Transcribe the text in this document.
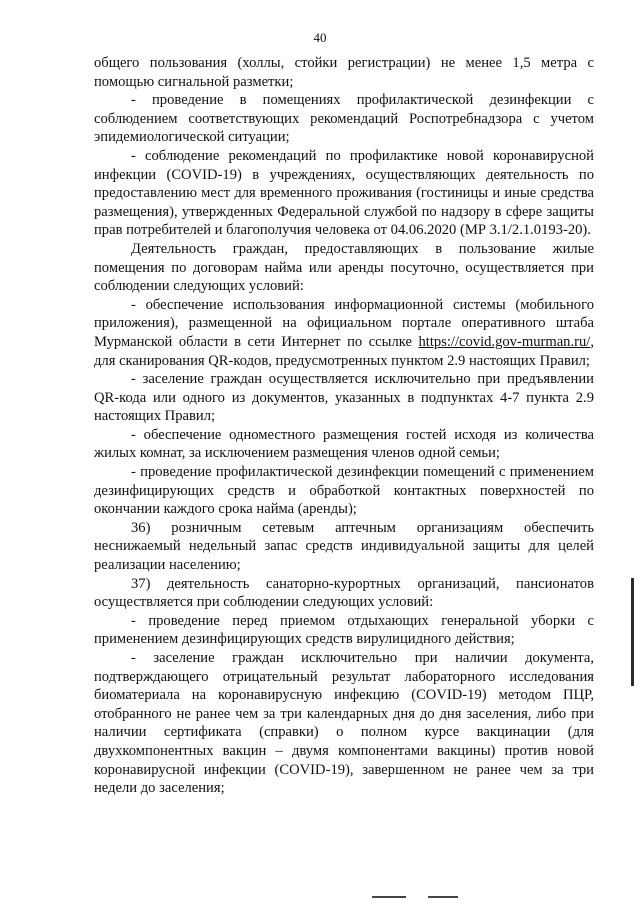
40

общего пользования (холлы, стойки регистрации) не менее 1,5 метра с помощью сигнальной разметки;

- проведение в помещениях профилактической дезинфекции с соблюдением соответствующих рекомендаций Роспотребнадзора с учетом эпидемиологической ситуации;

- соблюдение рекомендаций по профилактике новой коронавирусной инфекции (COVID-19) в учреждениях, осуществляющих деятельность по предоставлению мест для временного проживания (гостиницы и иные средства размещения), утвержденных Федеральной службой по надзору в сфере защиты прав потребителей и благополучия человека от 04.06.2020 (МР 3.1/2.1.0193-20).

Деятельность граждан, предоставляющих в пользование жилые помещения по договорам найма или аренды посуточно, осуществляется при соблюдении следующих условий:

- обеспечение использования информационной системы (мобильного приложения), размещенной на официальном портале оперативного штаба Мурманской области в сети Интернет по ссылке https://covid.gov-murman.ru/, для сканирования QR-кодов, предусмотренных пунктом 2.9 настоящих Правил;

- заселение граждан осуществляется исключительно при предъявлении QR-кода или одного из документов, указанных в подпунктах 4-7 пункта 2.9 настоящих Правил;

- обеспечение одноместного размещения гостей исходя из количества жилых комнат, за исключением размещения членов одной семьи;

- проведение профилактической дезинфекции помещений с применением дезинфицирующих средств и обработкой контактных поверхностей по окончании каждого срока найма (аренды);

36) розничным сетевым аптечным организациям обеспечить неснижаемый недельный запас средств индивидуальной защиты для целей реализации населению;

37) деятельность санаторно-курортных организаций, пансионатов осуществляется при соблюдении следующих условий:

- проведение перед приемом отдыхающих генеральной уборки с применением дезинфицирующих средств вирулицидного действия;

- заселение граждан исключительно при наличии документа, подтверждающего отрицательный результат лабораторного исследования биоматериала на коронавирусную инфекцию (COVID-19) методом ПЦР, отобранного не ранее чем за три календарных дня до дня заселения, либо при наличии сертификата (справки) о полном курсе вакцинации (для двухкомпонентных вакцин – двумя компонентами вакцины) против новой коронавирусной инфекции (COVID-19), завершенном не ранее чем за три недели до заселения;
